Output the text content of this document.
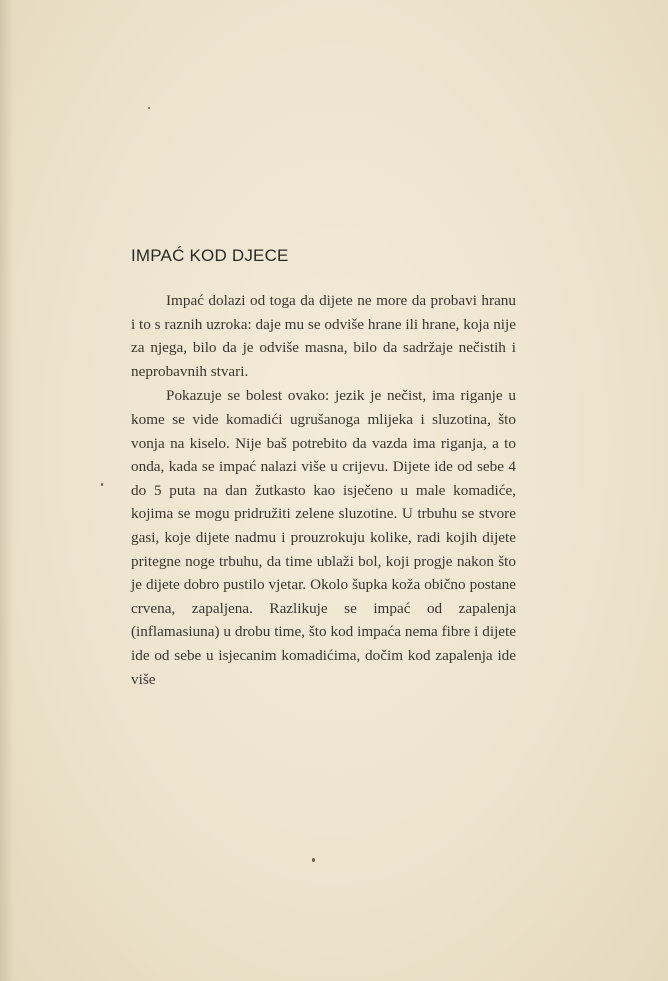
IMPAĆ KOD DJECE

Impać dolazi od toga da dijete ne more da probavi hranu i to s raznih uzroka: daje mu se odviše hrane ili hrane, koja nije za njega, bilo da je odviše masna, bilo da sadržaje nečistih i neprobavnih stvari.

Pokazuje se bolest ovako: jezik je nečist, ima riganje u kome se vide komadići ugrušanoga mlijeka i sluzotina, što vonja na kiselo. Nije baš potrebito da vazda ima riganja, a to onda, kada se impać nalazi više u crijevu. Dijete ide od sebe 4 do 5 puta na dan žutkasto kao isječeno u male komadiće, kojima se mogu pridružiti zelene sluzotine. U trbuhu se stvore gasi, koje dijete nadmu i prouzrokuju kolike, radi kojih dijete pritegne noge trbuhu, da time ublaži bol, koji progje nakon što je dijete dobro pustilo vjetar. Okolo šupka koža obično postane crvena, zapaljena. Razlikuje se impać od zapalenja (inflamasiuna) u drobu time, što kod impaća nema fibre i dijete ide od sebe u isjecanim komadićima, dočim kod zapalenja ide više
